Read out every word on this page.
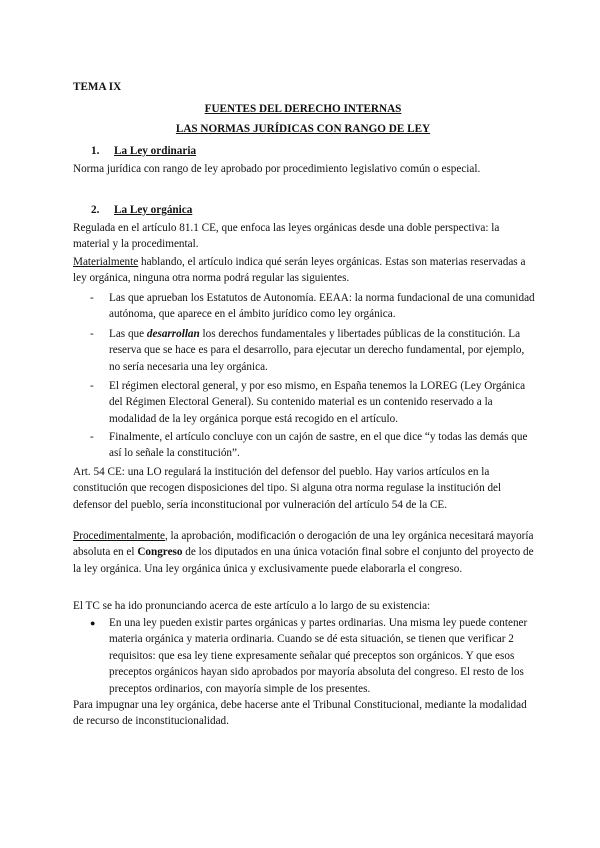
TEMA IX
FUENTES DEL DERECHO INTERNAS
LAS NORMAS JURÍDICAS CON RANGO DE LEY
1. La Ley ordinaria
Norma jurídica con rango de ley aprobado por procedimiento legislativo común o especial.
2. La Ley orgánica
Regulada en el artículo 81.1 CE, que enfoca las leyes orgánicas desde una doble perspectiva: la material y la procedimental.
Materialmente hablando, el artículo indica qué serán leyes orgánicas. Estas son materias reservadas a ley orgánica, ninguna otra norma podrá regular las siguientes.
- Las que aprueban los Estatutos de Autonomía. EEAA: la norma fundacional de una comunidad autónoma, que aparece en el ámbito jurídico como ley orgánica.
- Las que desarrollan los derechos fundamentales y libertades públicas de la constitución. La reserva que se hace es para el desarrollo, para ejecutar un derecho fundamental, por ejemplo, no sería necesaria una ley orgánica.
- El régimen electoral general, y por eso mismo, en España tenemos la LOREG (Ley Orgánica del Régimen Electoral General). Su contenido material es un contenido reservado a la modalidad de la ley orgánica porque está recogido en el artículo.
- Finalmente, el artículo concluye con un cajón de sastre, en el que dice “y todas las demás que así lo señale la constitución”.
Art. 54 CE: una LO regulará la institución del defensor del pueblo. Hay varios artículos en la constitución que recogen disposiciones del tipo. Si alguna otra norma regulase la institución del defensor del pueblo, sería inconstitucional por vulneración del artículo 54 de la CE.
Procedimentalmente, la aprobación, modificación o derogación de una ley orgánica necesitará mayoría absoluta en el Congreso de los diputados en una única votación final sobre el conjunto del proyecto de la ley orgánica. Una ley orgánica única y exclusivamente puede elaborarla el congreso.
El TC se ha ido pronunciando acerca de este artículo a lo largo de su existencia:
● En una ley pueden existir partes orgánicas y partes ordinarias. Una misma ley puede contener materia orgánica y materia ordinaria. Cuando se dé esta situación, se tienen que verificar 2 requisitos: que esa ley tiene expresamente señalar qué preceptos son orgánicos. Y que esos preceptos orgánicos hayan sido aprobados por mayoría absoluta del congreso. El resto de los preceptos ordinarios, con mayoría simple de los presentes.
Para impugnar una ley orgánica, debe hacerse ante el Tribunal Constitucional, mediante la modalidad de recurso de inconstitucionalidad.
